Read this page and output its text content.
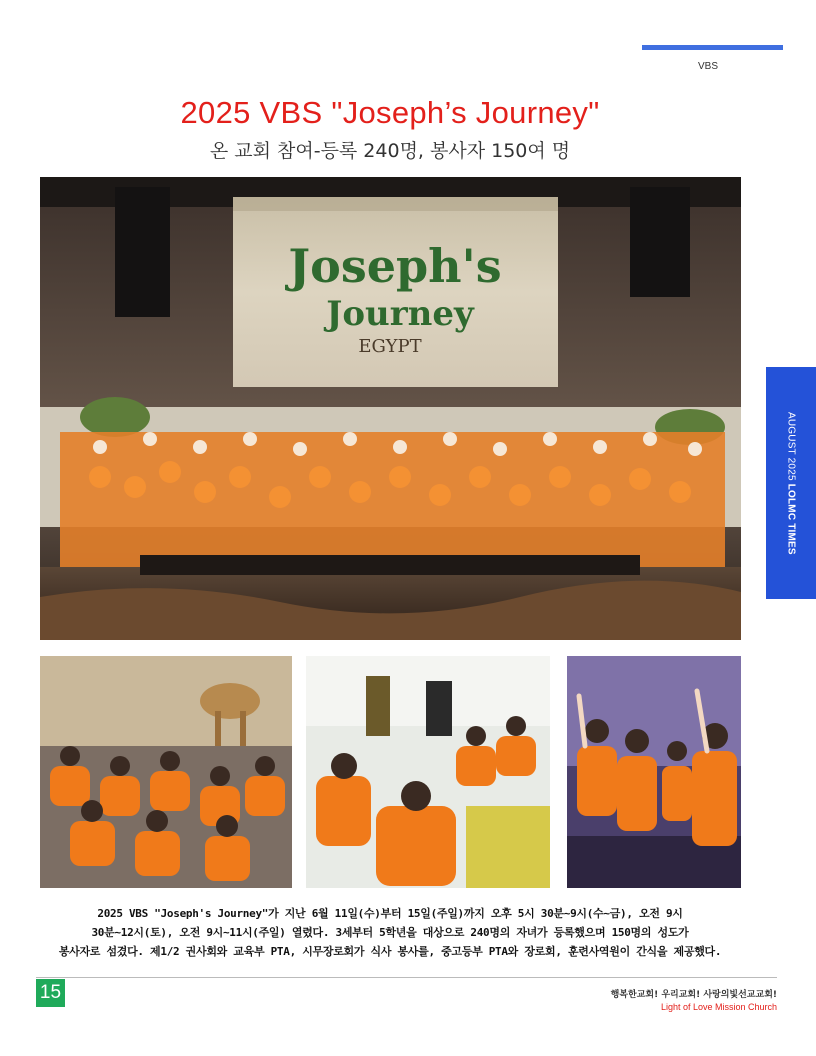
VBS
AUGUST 2025 LOLMC TIMES
2025 VBS "Joseph’s Journey"
온 교회 참여-등록 240명, 봉사자 150여 명
Joseph's
Journey
EGYPT
2025 VBS "Joseph's Journey"가 지난 6월 11일(수)부터 15일(주일)까지 오후 5시 30분~9시(수~금), 오전 9시
30분~12시(토), 오전 9시~11시(주일) 열렸다. 3세부터 5학년을 대상으로 240명의 자녀가 등록했으며 150명의 성도가
봉사자로 섬겼다. 제1/2 권사회와 교육부 PTA, 시무장로회가 식사 봉사를, 중고등부 PTA와 장로회, 훈련사역원이 간식을 제공했다.
15	행복한교회! 우리교회! 사랑의빛선교교회!
Light of Love Mission Church
